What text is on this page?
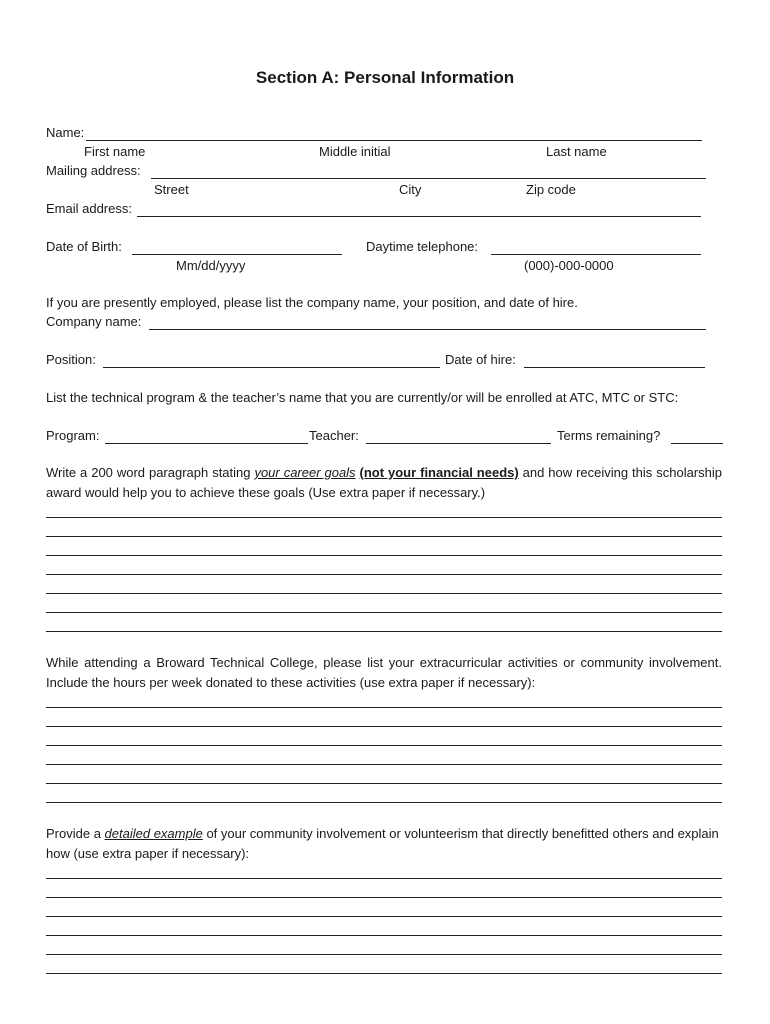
Section A: Personal Information
Name:
First name	Middle initial	Last name
Mailing address:
Street	City	Zip code
Email address:
Date of Birth:
Mm/dd/yyyy
Daytime telephone:
(000)-000-0000
If you are presently employed, please list the company name, your position, and date of hire.
Company name:
Position:	Date of hire:
List the technical program & the teacher’s name that you are currently/or will be enrolled at ATC, MTC or STC:
Program:	Teacher:	Terms remaining?
Write a 200 word paragraph stating your career goals (not your financial needs) and how receiving this scholarship award would help you to achieve these goals (Use extra paper if necessary.)
While attending a Broward Technical College, please list your extracurricular activities or community involvement. Include the hours per week donated to these activities (use extra paper if necessary):
Provide a detailed example of your community involvement or volunteerism that directly benefitted others and explain how (use extra paper if necessary):
